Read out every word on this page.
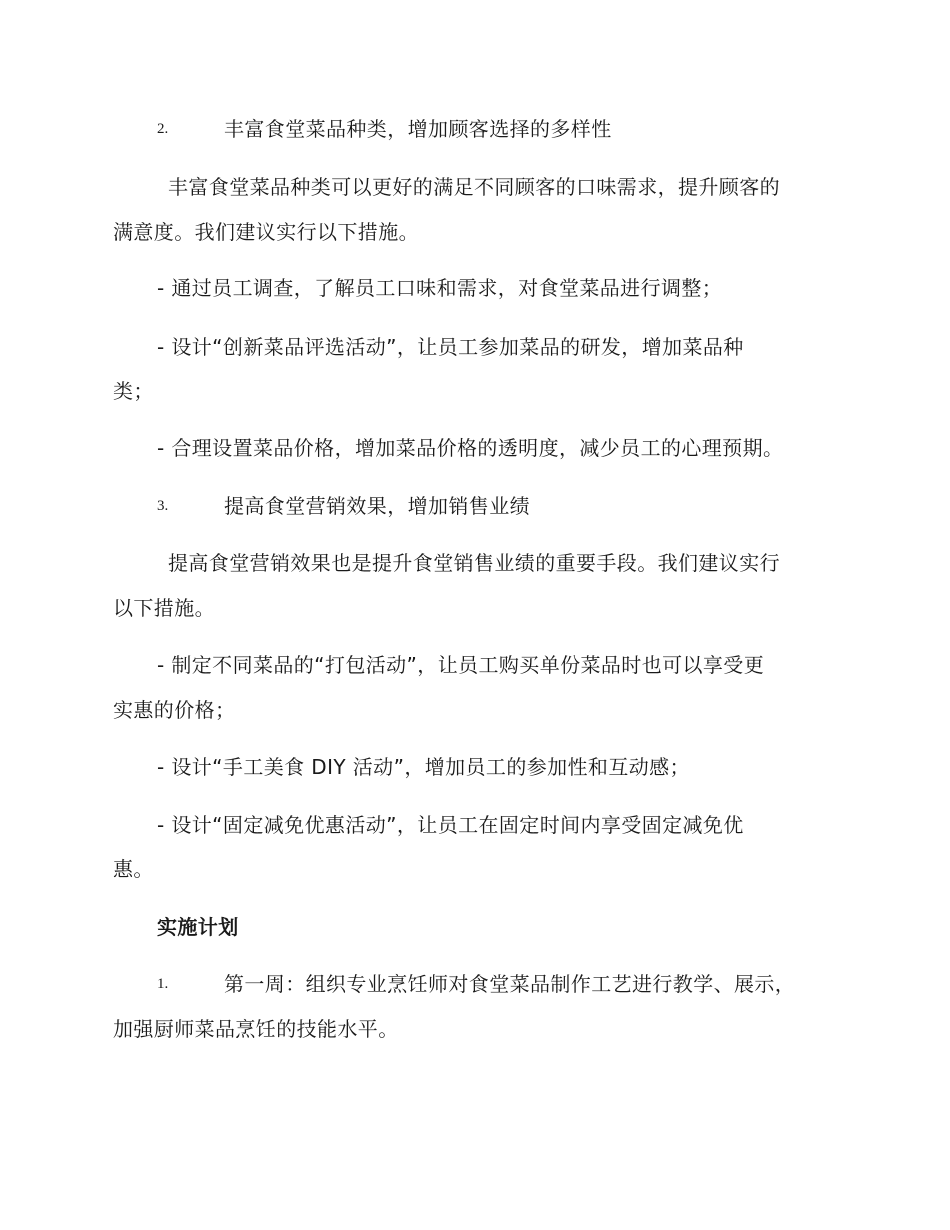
2.	丰富食堂菜品种类，增加顾客选择的多样性
丰富食堂菜品种类可以更好的满足不同顾客的口味需求，提升顾客的
满意度。我们建议实行以下措施。
- 通过员工调查，了解员工口味和需求，对食堂菜品进行调整；
- 设计“创新菜品评选活动”，让员工参加菜品的研发，增加菜品种
类；
- 合理设置菜品价格，增加菜品价格的透明度，减少员工的心理预期。
3.	提高食堂营销效果，增加销售业绩
提高食堂营销效果也是提升食堂销售业绩的重要手段。我们建议实行
以下措施。
- 制定不同菜品的“打包活动”，让员工购买单份菜品时也可以享受更
实惠的价格；
- 设计“手工美食 DIY 活动”，增加员工的参加性和互动感；
- 设计“固定减免优惠活动”，让员工在固定时间内享受固定减免优
惠。
实施计划
1.	第一周：组织专业烹饪师对食堂菜品制作工艺进行教学、展示，
加强厨师菜品烹饪的技能水平。
